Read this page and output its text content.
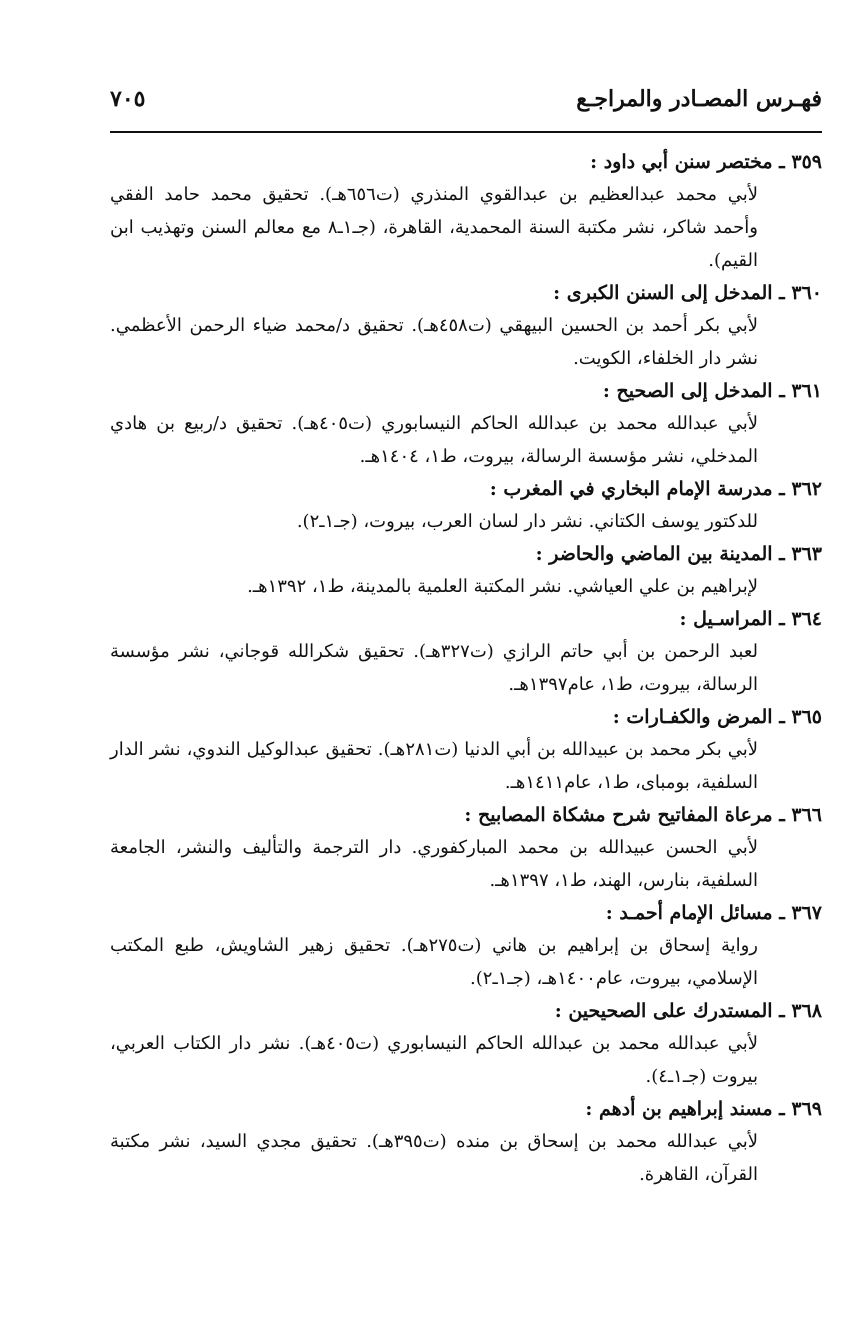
فهـرس المصـادر والمراجـع
٧٠٥
٣٥٩ ـ مختصر سنن أبي داود :
لأبي محمد عبدالعظيم بن عبدالقوي المنذري (ت٦٥٦هـ). تحقيق محمد حامد الفقي وأحمد شاكر، نشر مكتبة السنة المحمدية، القاهرة، (جـ١ـ٨ مع معالم السنن وتهذيب ابن القيم).
٣٦٠ ـ المدخل إلى السنن الكبرى :
لأبي بكر أحمد بن الحسين البيهقي (ت٤٥٨هـ). تحقيق د/محمد ضياء الرحمن الأعظمي. نشر دار الخلفاء، الكويت.
٣٦١ ـ المدخل إلى الصحيح :
لأبي عبدالله محمد بن عبدالله الحاكم النيسابوري (ت٤٠٥هـ). تحقيق د/ربيع بن هادي المدخلي، نشر مؤسسة الرسالة، بيروت، ط١، ١٤٠٤هـ.
٣٦٢ ـ مدرسة الإمام البخاري في المغرب :
للدكتور يوسف الكتاني. نشر دار لسان العرب، بيروت، (جـ١ـ٢).
٣٦٣ ـ المدينة بين الماضي والحاضر :
لإبراهيم بن علي العياشي. نشر المكتبة العلمية بالمدينة، ط١، ١٣٩٢هـ.
٣٦٤ ـ المراسـيل :
لعبد الرحمن بن أبي حاتم الرازي (ت٣٢٧هـ). تحقيق شكرالله قوجاني، نشر مؤسسة الرسالة، بيروت، ط١، عام١٣٩٧هـ.
٣٦٥ ـ المرض والكفـارات :
لأبي بكر محمد بن عبيدالله بن أبي الدنيا (ت٢٨١هـ). تحقيق عبدالوكيل الندوي، نشر الدار السلفية، بومباى، ط١، عام١٤١١هـ.
٣٦٦ ـ مرعاة المفاتيح شرح مشكاة المصابيح :
لأبي الحسن عبيدالله بن محمد المباركفوري. دار الترجمة والتأليف والنشر، الجامعة السلفية، بنارس، الهند، ط١، ١٣٩٧هـ.
٣٦٧ ـ مسائل الإمام أحمـد :
رواية إسحاق بن إبراهيم بن هاني (ت٢٧٥هـ). تحقيق زهير الشاويش، طبع المكتب الإسلامي، بيروت، عام١٤٠٠هـ، (جـ١ـ٢).
٣٦٨ ـ المستدرك على الصحيحين :
لأبي عبدالله محمد بن عبدالله الحاكم النيسابوري (ت٤٠٥هـ). نشر دار الكتاب العربي، بيروت (جـ١ـ٤).
٣٦٩ ـ مسند إبراهيم بن أدهم :
لأبي عبدالله محمد بن إسحاق بن منده (ت٣٩٥هـ). تحقيق مجدي السيد، نشر مكتبة القرآن، القاهرة.
